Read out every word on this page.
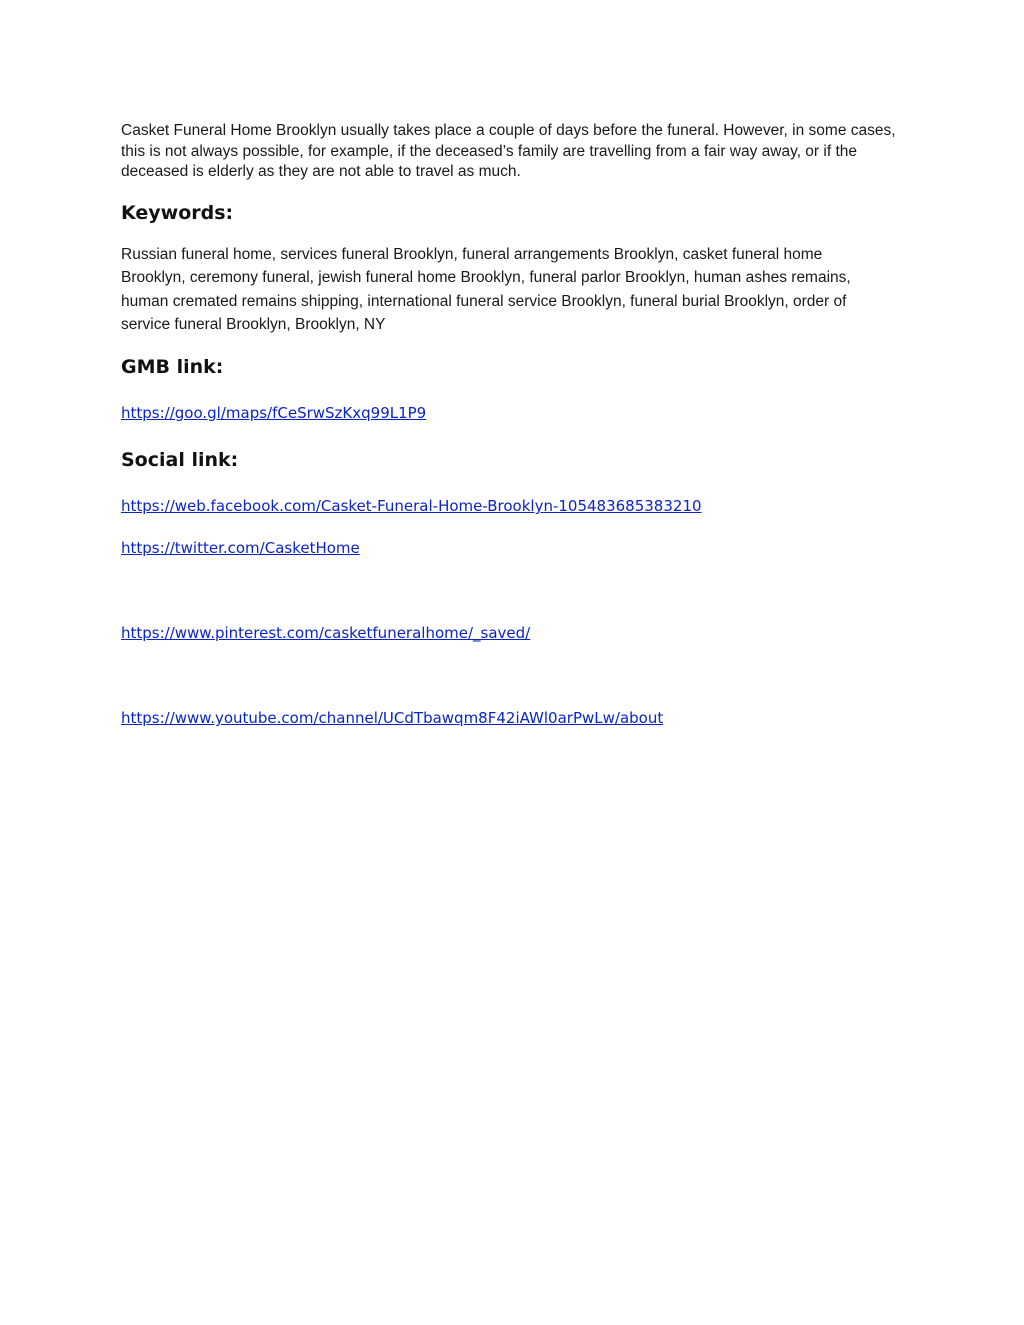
Casket Funeral Home Brooklyn usually takes place a couple of days before the funeral. However, in some cases, this is not always possible, for example, if the deceased’s family are travelling from a fair way away, or if the deceased is elderly as they are not able to travel as much.

Keywords:

Russian funeral home, services funeral Brooklyn, funeral arrangements Brooklyn, casket funeral home Brooklyn, ceremony funeral, jewish funeral home Brooklyn, funeral parlor Brooklyn, human ashes remains, human cremated remains shipping, international funeral service Brooklyn, funeral burial Brooklyn, order of service funeral Brooklyn, Brooklyn, NY

GMB link:
https://goo.gl/maps/fCeSrwSzKxq99L1P9
Social link:
https://web.facebook.com/Casket-Funeral-Home-Brooklyn-105483685383210
https://twitter.com/CasketHome
https://www.pinterest.com/casketfuneralhome/_saved/
https://www.youtube.com/channel/UCdTbawqm8F42iAWl0arPwLw/about
